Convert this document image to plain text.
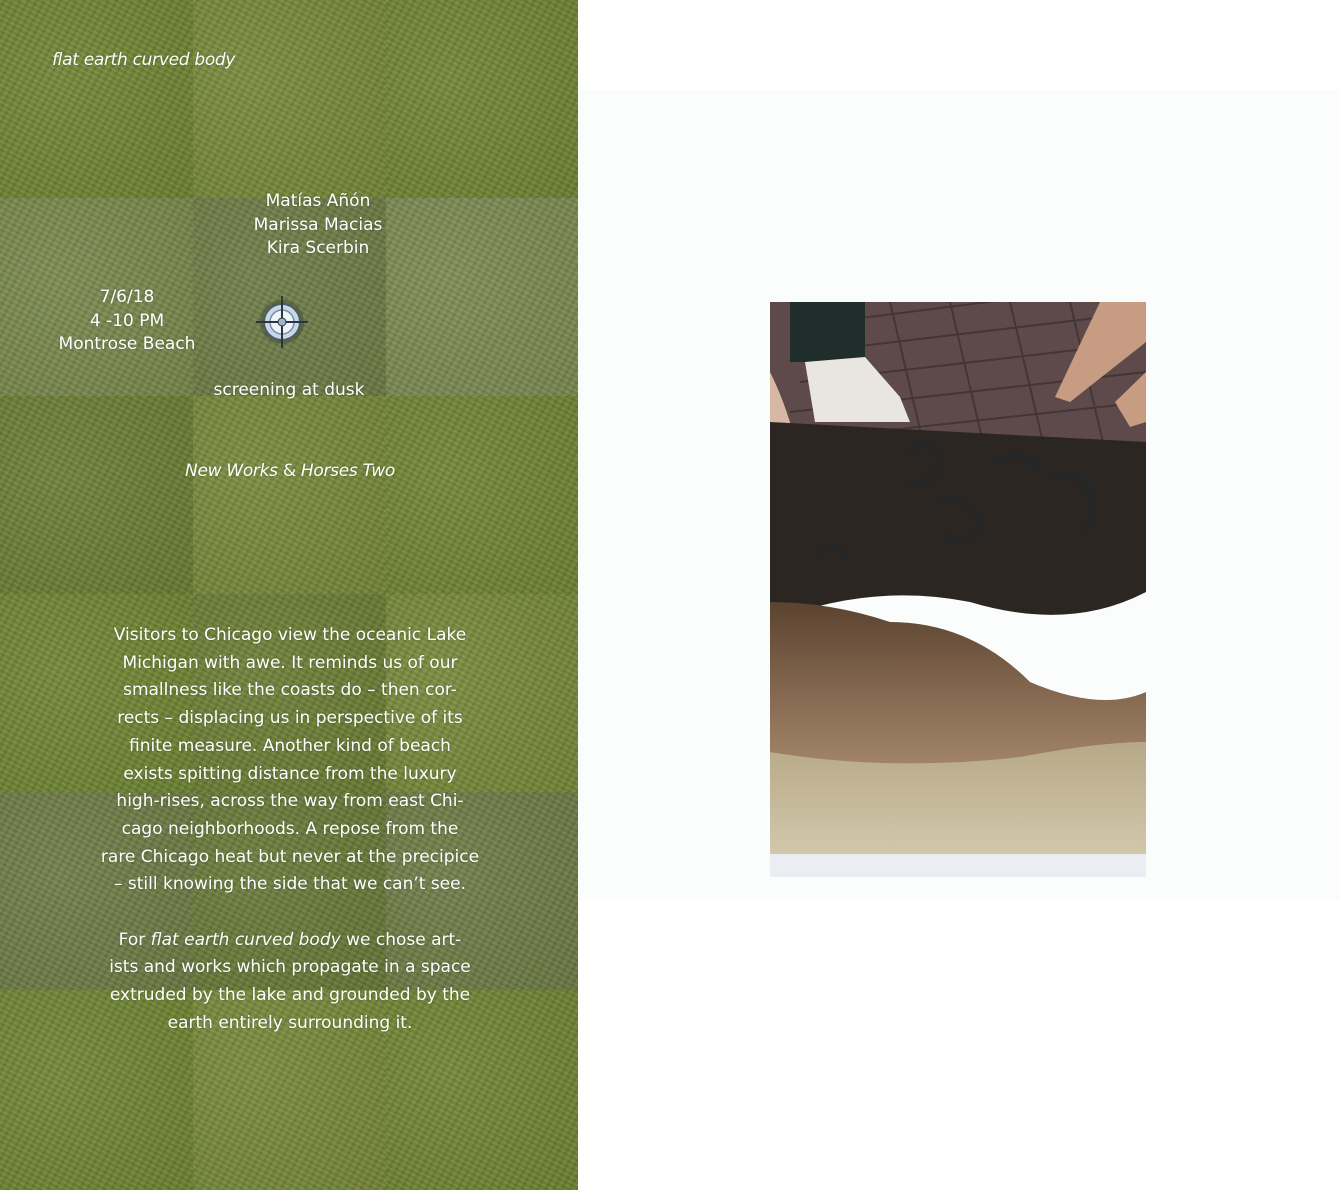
flat earth curved body
Matías Añón
Marissa Macias
Kira Scerbin
7/6/18
4 -10 PM
Montrose Beach
screening at dusk
New Works & Horses Two

Visitors to Chicago view the oceanic Lake

Michigan with awe. It reminds us of our

smallness like the coasts do – then cor-

rects – displacing us in perspective of its

finite measure. Another kind of beach

exists spitting distance from the luxury

high-rises, across the way from east Chi-

cago neighborhoods. A repose from the

rare Chicago heat but never at the precipice

– still knowing the side that we can’t see.

For flat earth curved body we chose art-

ists and works which propagate in a space

extruded by the lake and grounded by the

earth entirely surrounding it.
